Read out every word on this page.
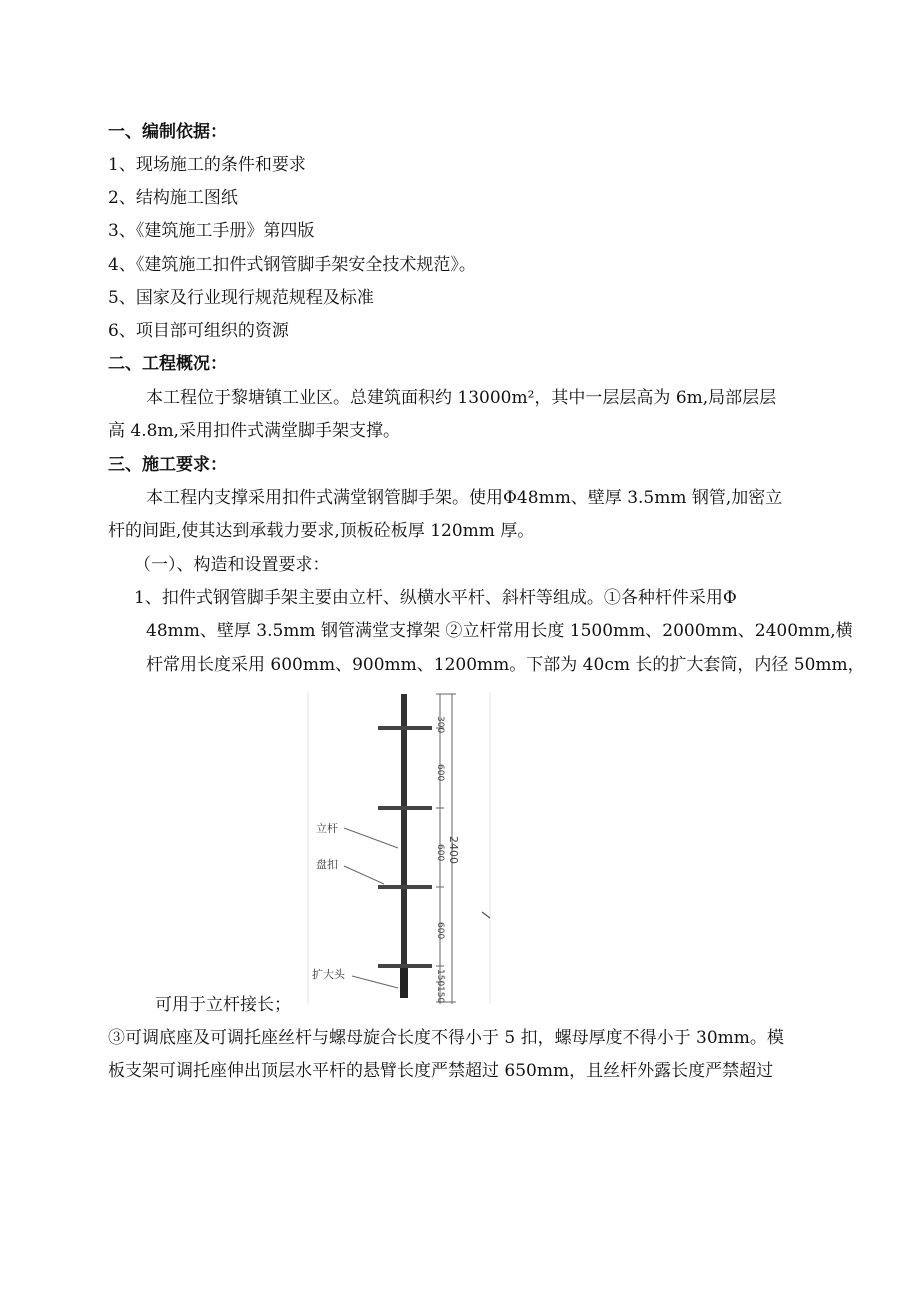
一、编制依据：
1、现场施工的条件和要求
2、结构施工图纸
3、《建筑施工手册》第四版
4、《建筑施工扣件式钢管脚手架安全技术规范》。
5、国家及行业现行规范规程及标准
6、项目部可组织的资源
二、工程概况：
本工程位于黎塘镇工业区。总建筑面积约 13000m²，其中一层层高为 6m,局部层层
高 4.8m,采用扣件式满堂脚手架支撑。
三、施工要求：
本工程内支撑采用扣件式满堂钢管脚手架。使用Φ48mm、壁厚 3.5mm 钢管,加密立
杆的间距,使其达到承载力要求,顶板砼板厚 120mm 厚。
（一）、构造和设置要求：
1、扣件式钢管脚手架主要由立杆、纵横水平杆、斜杆等组成。①各种杆件采用Φ
48mm、壁厚 3.5mm 钢管满堂支撑架 ②立杆常用长度 1500mm、2000mm、2400mm,横
杆常用长度采用 600mm、900mm、1200mm。下部为 40cm 长的扩大套筒，内径 50mm，
300
600
600
600
150
150
2400
立杆
盘扣
扩大头
可用于立杆接长；
③可调底座及可调托座丝杆与螺母旋合长度不得小于 5 扣，螺母厚度不得小于 30mm。模
板支架可调托座伸出顶层水平杆的悬臂长度严禁超过 650mm，且丝杆外露长度严禁超过
